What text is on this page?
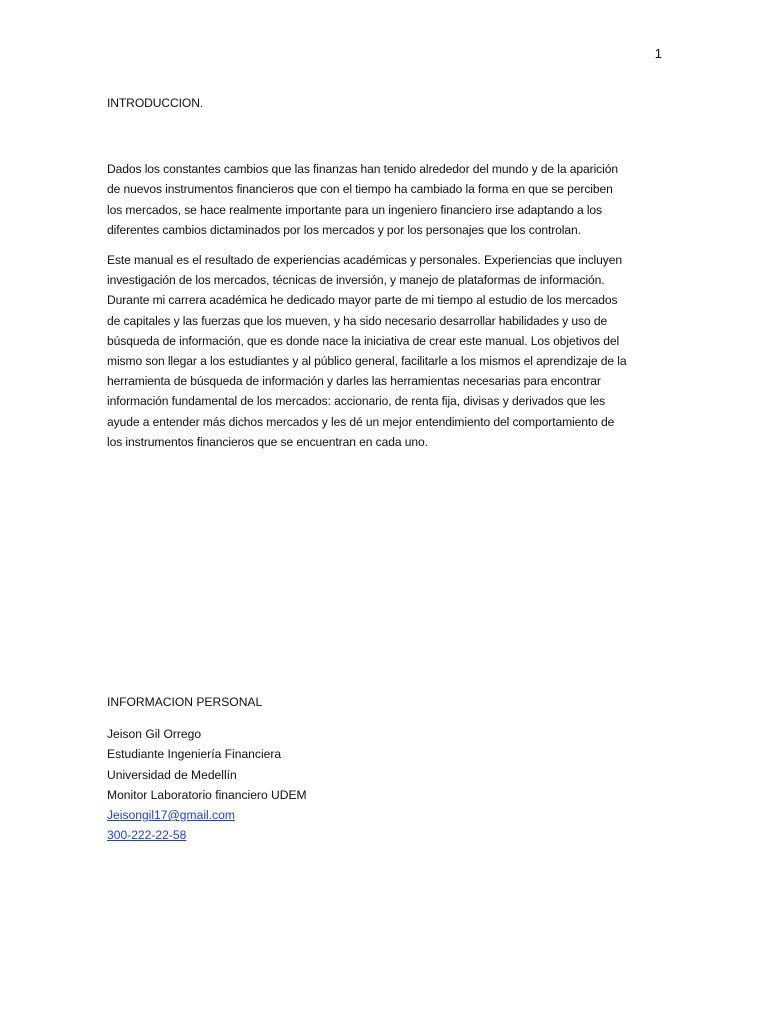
1
INTRODUCCION.

Dados los constantes cambios que las finanzas han tenido alrededor del mundo y de la aparición
de nuevos instrumentos financieros que con el tiempo ha cambiado la forma en que se perciben
los mercados, se hace realmente importante para un ingeniero financiero irse adaptando a los
diferentes cambios dictaminados por los mercados y por los personajes que los controlan.

Este manual es el resultado de experiencias académicas y personales. Experiencias que incluyen
investigación de los mercados, técnicas de inversión, y manejo de plataformas de información.
Durante mi carrera académica he dedicado mayor parte de mi tiempo al estudio de los mercados
de capitales y las fuerzas que los mueven, y ha sido necesario desarrollar habilidades y uso de
búsqueda de información, que es donde nace la iniciativa de crear este manual. Los objetivos del
mismo son llegar a los estudiantes y al público general, facilitarle a los mismos el aprendizaje de la
herramienta de búsqueda de información y darles las herramientas necesarias para encontrar
información fundamental de los mercados: accionario, de renta fija, divisas y derivados que les
ayude a entender más dichos mercados y les dé un mejor entendimiento del comportamiento de
los instrumentos financieros que se encuentran en cada uno.

INFORMACION PERSONAL
Jeison Gil Orrego
Estudiante Ingeniería Financiera
Universidad de Medellín
Monitor Laboratorio financiero UDEM
Jeisongil17@gmail.com
300-222-22-58
